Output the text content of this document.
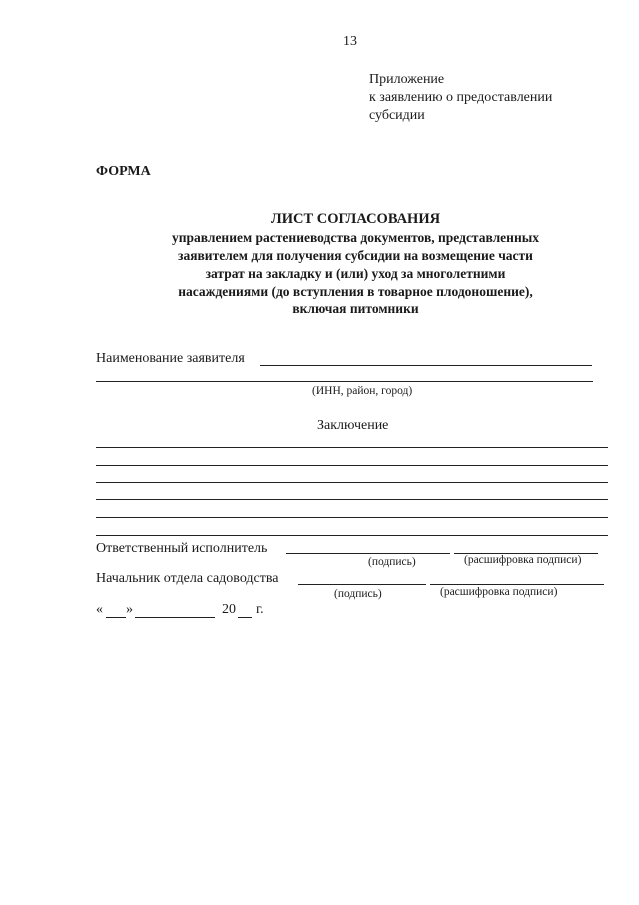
13
Приложение
к заявлению о предоставлении
субсидии
ФОРМА
ЛИСТ СОГЛАСОВАНИЯ
управлением растениеводства документов, представленных
заявителем для получения субсидии на возмещение части
затрат на закладку и (или) уход за многолетними
насаждениями (до вступления в товарное плодоношение),
включая питомники
Наименование заявителя
(ИНН, район, город)
Заключение
Ответственный исполнитель
(подпись)	(расшифровка подписи)
Начальник отдела садоводства
(подпись)	(расшифровка подписи)
« »	20 г.
